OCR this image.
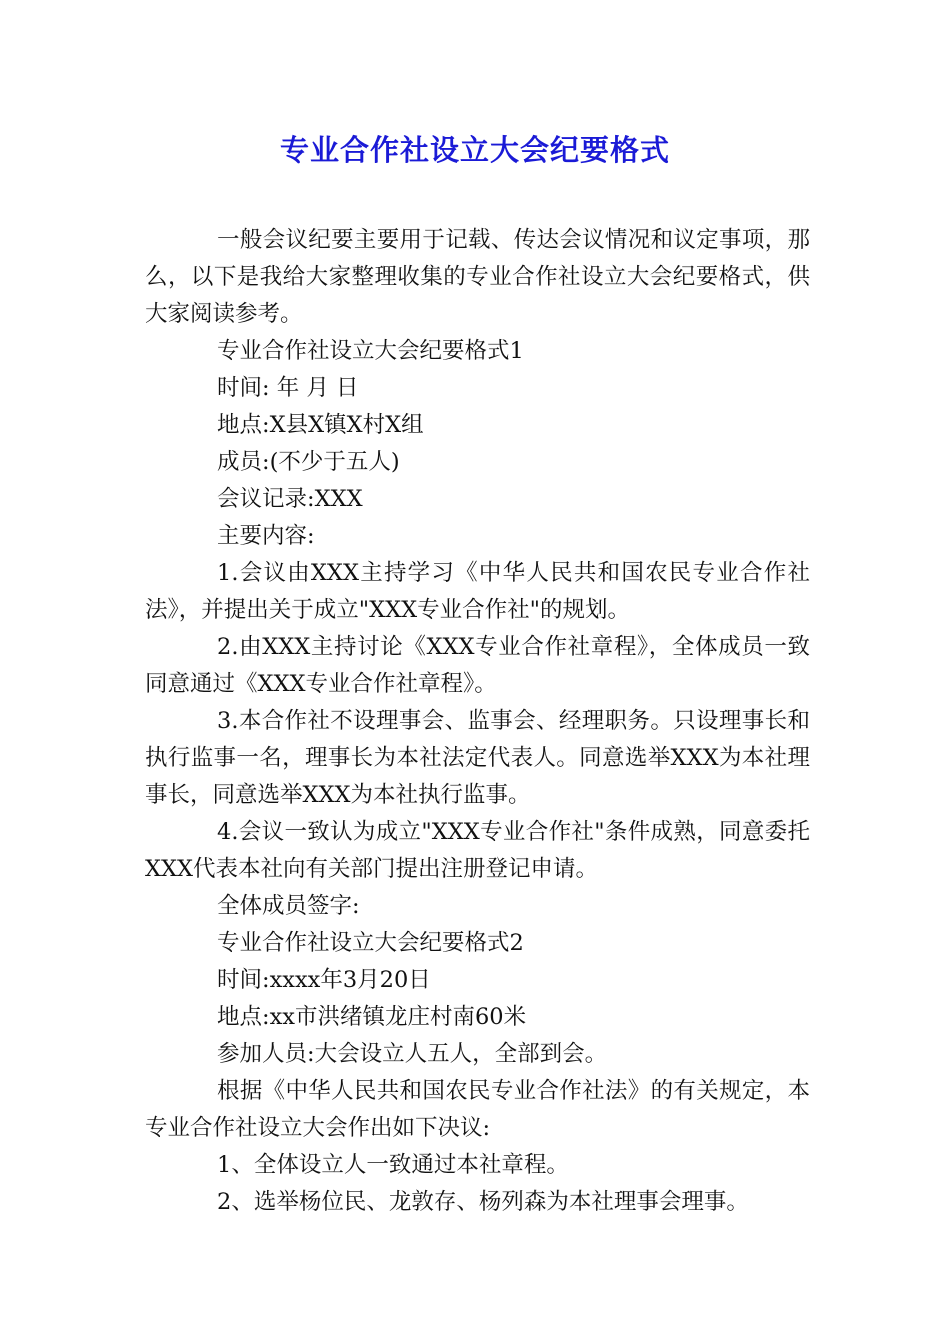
专业合作社设立大会纪要格式

一般会议纪要主要用于记载、传达会议情况和议定事项，那么，以下是我给大家整理收集的专业合作社设立大会纪要格式，供大家阅读参考。

专业合作社设立大会纪要格式1

时间: 年 月 日

地点:X县X镇X村X组

成员:(不少于五人)

会议记录:XXX

主要内容:

1.会议由XXX主持学习《中华人民共和国农民专业合作社法》，并提出关于成立"XXX专业合作社"的规划。

2.由XXX主持讨论《XXX专业合作社章程》，全体成员一致同意通过《XXX专业合作社章程》。

3.本合作社不设理事会、监事会、经理职务。只设理事长和执行监事一名，理事长为本社法定代表人。同意选举XXX为本社理事长，同意选举XXX为本社执行监事。

4.会议一致认为成立"XXX专业合作社"条件成熟，同意委托XXX代表本社向有关部门提出注册登记申请。

全体成员签字:

专业合作社设立大会纪要格式2

时间:xxxx年3月20日

地点:xx市洪绪镇龙庄村南60米

参加人员:大会设立人五人，全部到会。

根据《中华人民共和国农民专业合作社法》的有关规定，本专业合作社设立大会作出如下决议:

1、全体设立人一致通过本社章程。

2、选举杨位民、龙敦存、杨列森为本社理事会理事。
